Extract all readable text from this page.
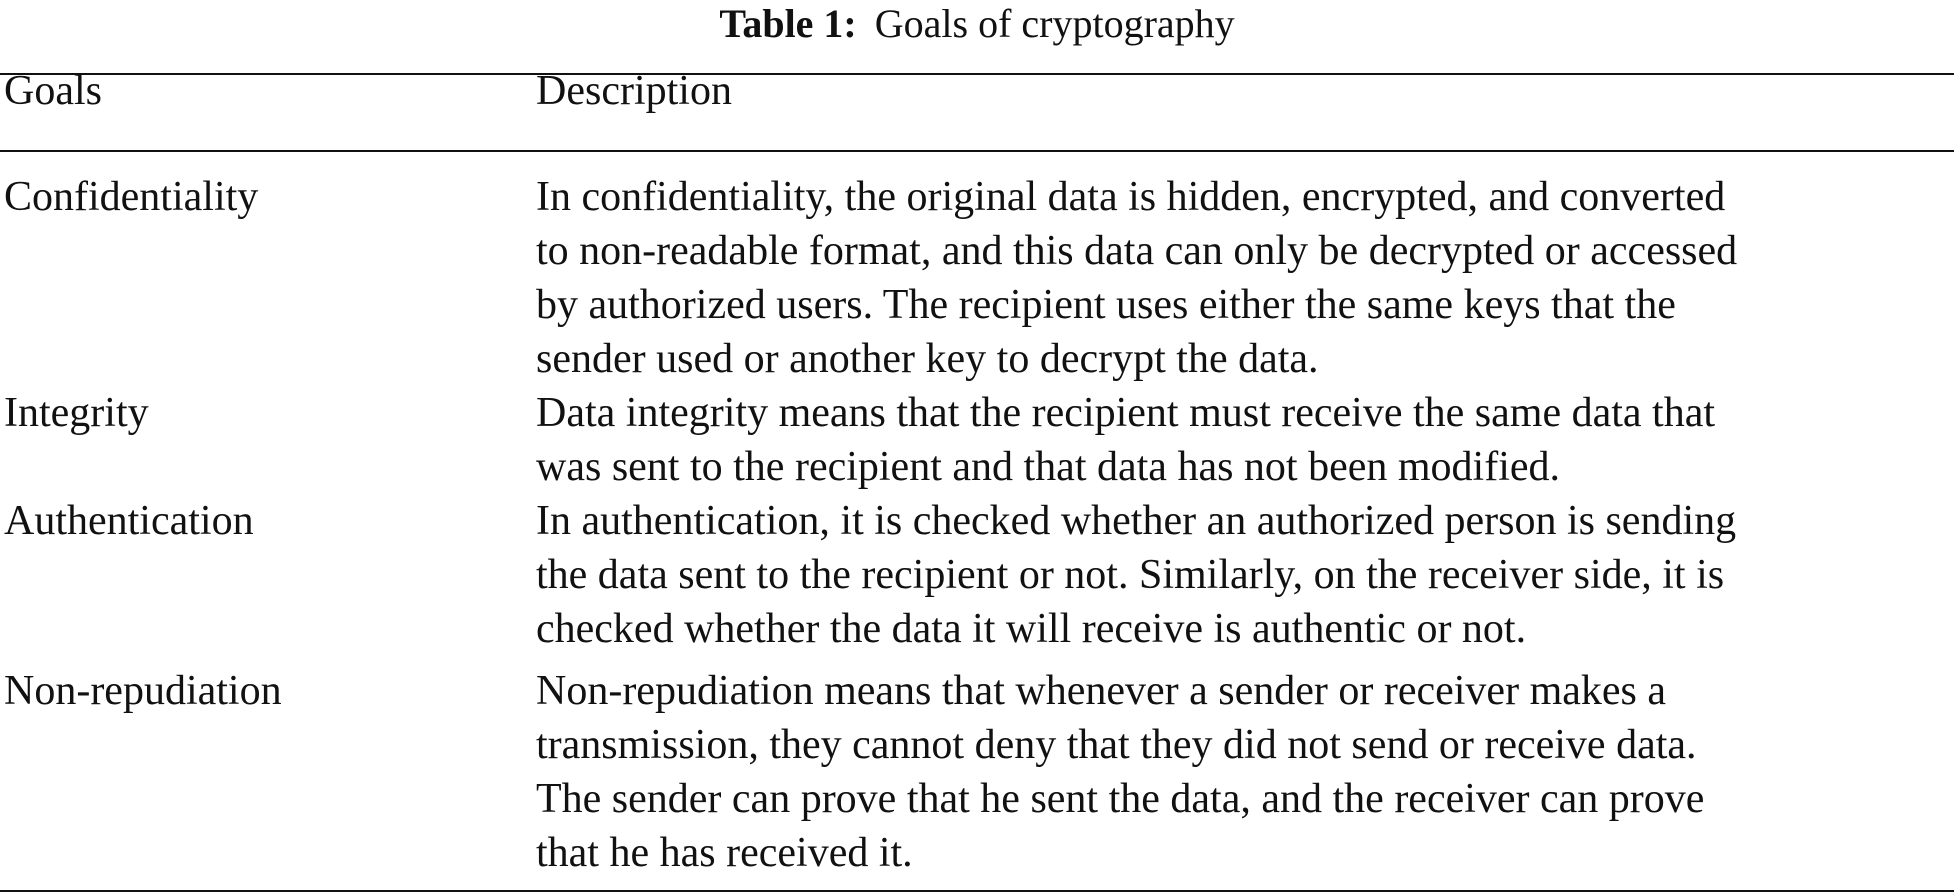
Table 1: Goals of cryptography
Goals	Description
Confidentiality	In confidentiality, the original data is hidden, encrypted, and converted
to non-readable format, and this data can only be decrypted or accessed
by authorized users. The recipient uses either the same keys that the
sender used or another key to decrypt the data.
Integrity	Data integrity means that the recipient must receive the same data that
was sent to the recipient and that data has not been modified.
Authentication	In authentication, it is checked whether an authorized person is sending
the data sent to the recipient or not. Similarly, on the receiver side, it is
checked whether the data it will receive is authentic or not.
Non-repudiation	Non-repudiation means that whenever a sender or receiver makes a
transmission, they cannot deny that they did not send or receive data.
The sender can prove that he sent the data, and the receiver can prove
that he has received it.
